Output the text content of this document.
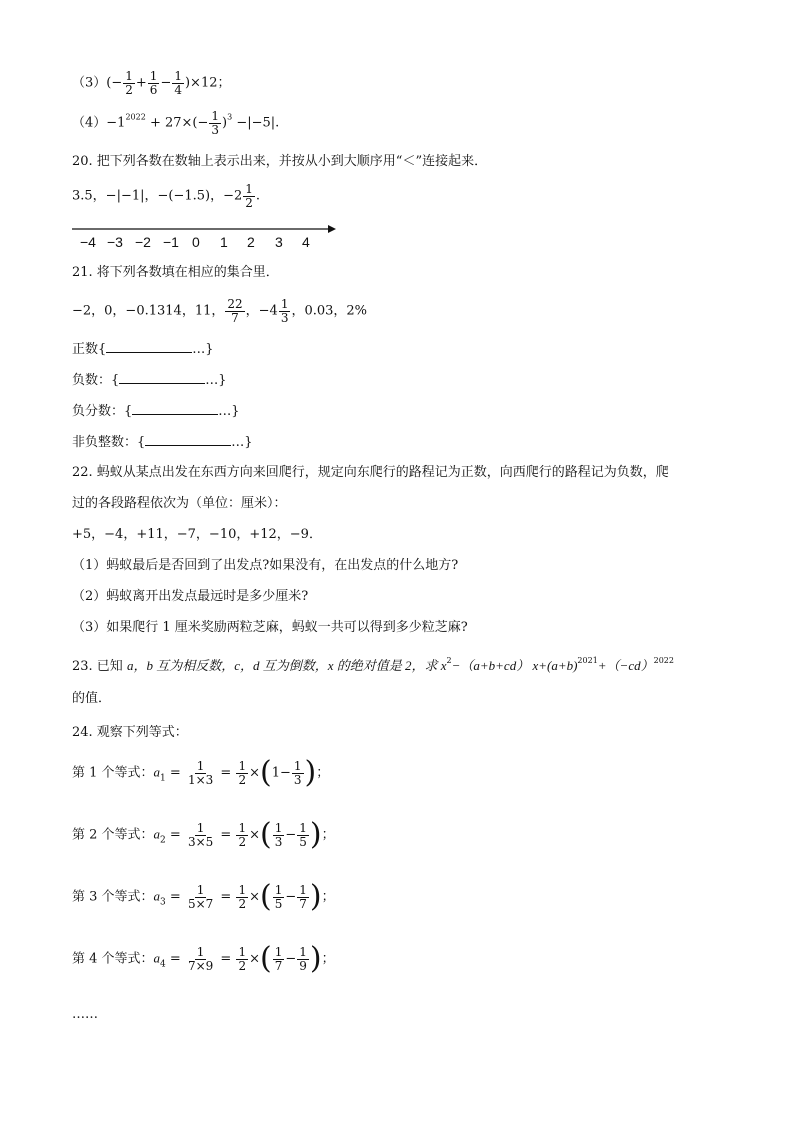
$(3)(- \frac{1}{2} + \frac{1}{6} - \frac{1}{4} )\times 12$；
$(4)-1^{2022} + 27\times(- \frac{1}{3} )^3 -|-5|$.
20. 把下列各数在数轴上表示出来，并按从小到大顺序用“＜”连接起来．
3.5，−|−1|，−(−1.5)，$-2 \frac{1}{2}$ .
−4 −3 −2 −1 0 1 2 3 4
21. 将下列各数填在相应的集合里．
−2，0，−0.1314，11， $\frac{22}{7}$ ，$-4 \frac{1}{3}$ ，0.03，2%
正数{	…}
负数：{	…}
负分数：{	…}
非负整数：{	…}
22. 蚂蚁从某点出发在东西方向来回爬行，规定向东爬行的路程记为正数，向西爬行的路程记为负数，爬
过的各段路程依次为（单位：厘米）：
+5，−4，+11，−7，−10，+12，−9．
（1）蚂蚁最后是否回到了出发点?如果没有，在出发点的什么地方?
（2）蚂蚁离开出发点最远时是多少厘米?
（3）如果爬行 1 厘米奖励两粒芝麻，蚂蚁一共可以得到多少粒芝麻?
23. 已知 a，b 互为相反数，c，d 互为倒数，x 的绝对值是 2，求 $x^2-(a+b+cd)$ $x+(a+b)^{2021}+(-cd)^{2022}$
的值．
24. 观察下列等式：
第 1 个等式：$a_1 = \frac{1}{1\times 3} = \frac{1}{2} \times(1- \frac{1}{3}$ )；
第 2 个等式：$a_2 = \frac{1}{3\times 5} = \frac{1}{2}$ ×( $\frac{1}{3} - \frac{1}{5}$ )；
第 3 个等式：$a_3 = \frac{1}{5\times 7} = \frac{1}{2}$ ×( $\frac{1}{5} - \frac{1}{7}$ )；
第 4 个等式：$a_4 = \frac{1}{7\times 9} = \frac{1}{2}$ ×( $\frac{1}{7} - \frac{1}{9}$ )；
……
